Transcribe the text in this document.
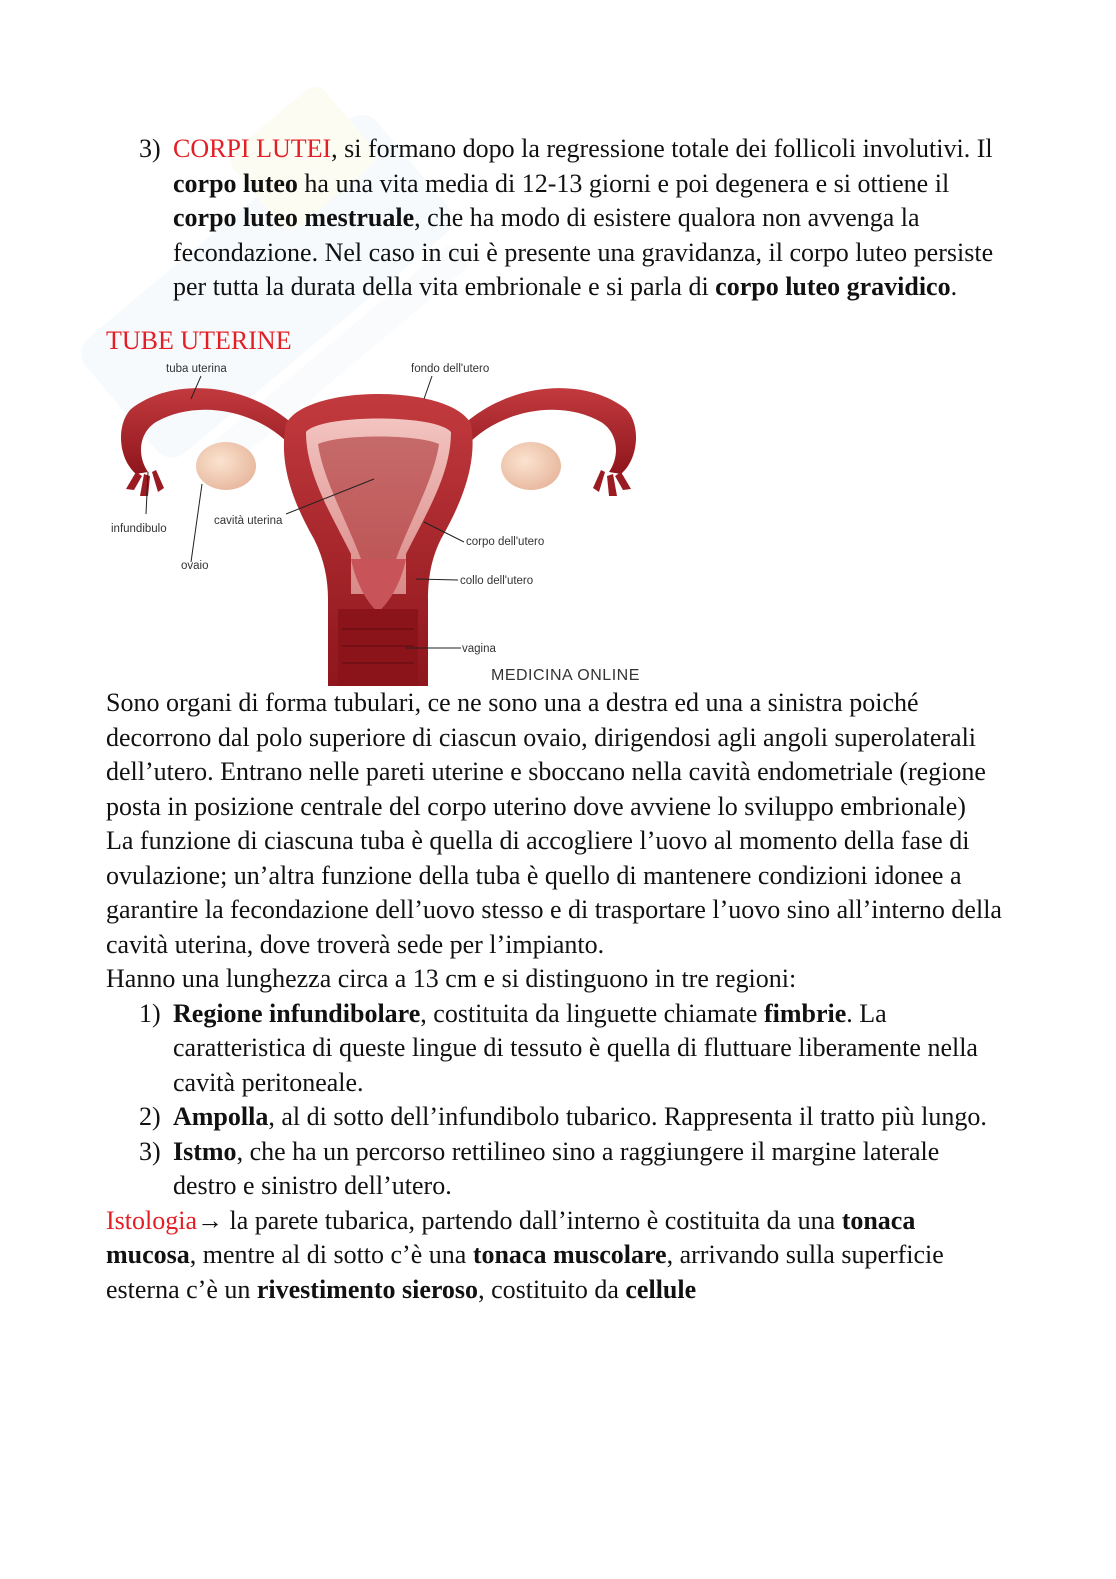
3) CORPI LUTEI, si formano dopo la regressione totale dei follicoli involutivi. Il corpo luteo ha una vita media di 12-13 giorni e poi degenera e si ottiene il corpo luteo mestruale, che ha modo di esistere qualora non avvenga la fecondazione. Nel caso in cui è presente una gravidanza, il corpo luteo persiste per tutta la durata della vita embrionale e si parla di corpo luteo gravidico.

TUBE UTERINE
tuba uterina	fondo dell'utero
infundibulo
cavità uterina
ovaio
corpo dell'utero
collo dell'utero
vagina
MEDICINA ONLINE

Sono organi di forma tubulari, ce ne sono una a destra ed una a sinistra poiché decorrono dal polo superiore di ciascun ovaio, dirigendosi agli angoli superolaterali dell’utero. Entrano nelle pareti uterine e sboccano nella cavità endometriale (regione posta in posizione centrale del corpo uterino dove avviene lo sviluppo embrionale)

La funzione di ciascuna tuba è quella di accogliere l’uovo al momento della fase di ovulazione; un’altra funzione della tuba è quello di mantenere condizioni idonee a garantire la fecondazione dell’uovo stesso e di trasportare l’uovo sino all’interno della cavità uterina, dove troverà sede per l’impianto.

Hanno una lunghezza circa a 13 cm e si distinguono in tre regioni:

1) Regione infundibolare, costituita da linguette chiamate fimbrie. La caratteristica di queste lingue di tessuto è quella di fluttuare liberamente nella cavità peritoneale.

2) Ampolla, al di sotto dell’infundibolo tubarico. Rappresenta il tratto più lungo.

3) Istmo, che ha un percorso rettilineo sino a raggiungere il margine laterale destro e sinistro dell’utero.

Istologia→ la parete tubarica, partendo dall’interno è costituita da una tonaca mucosa, mentre al di sotto c’è una tonaca muscolare, arrivando sulla superficie esterna c’è un rivestimento sieroso, costituito da cellule
